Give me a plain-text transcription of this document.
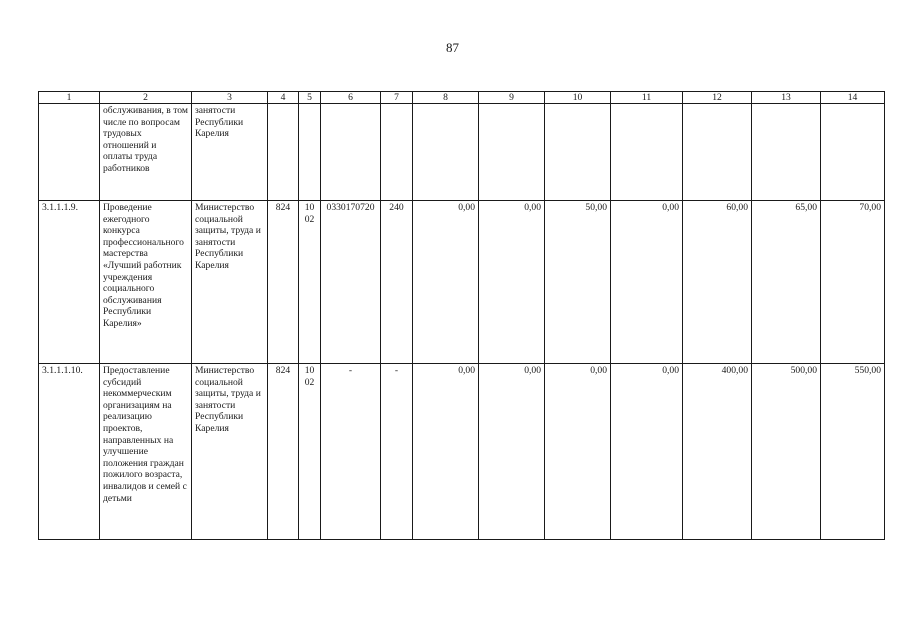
87
1	2	3	4	5	6	7	8	9	10	11	12	13	14
	обслуживания, в том числе по вопросам трудовых отношений и оплаты труда работников	занятости Республики Карелия											
3.1.1.1.9.	Проведение ежегодного конкурса профессионального мастерства «Лучший работник учреждения социального обслуживания Республики Карелия»	Министерство социальной защиты, труда и занятости Республики Карелия	824	10 02	0330170720	240	0,00	0,00	50,00	0,00	60,00	65,00	70,00
3.1.1.1.10.	Предоставление субсидий некоммерческим организациям на реализацию проектов, направленных на улучшение положения граждан пожилого возраста, инвалидов и семей с детьми	Министерство социальной защиты, труда и занятости Республики Карелия	824	10 02	-	-	0,00	0,00	0,00	0,00	400,00	500,00	550,00
